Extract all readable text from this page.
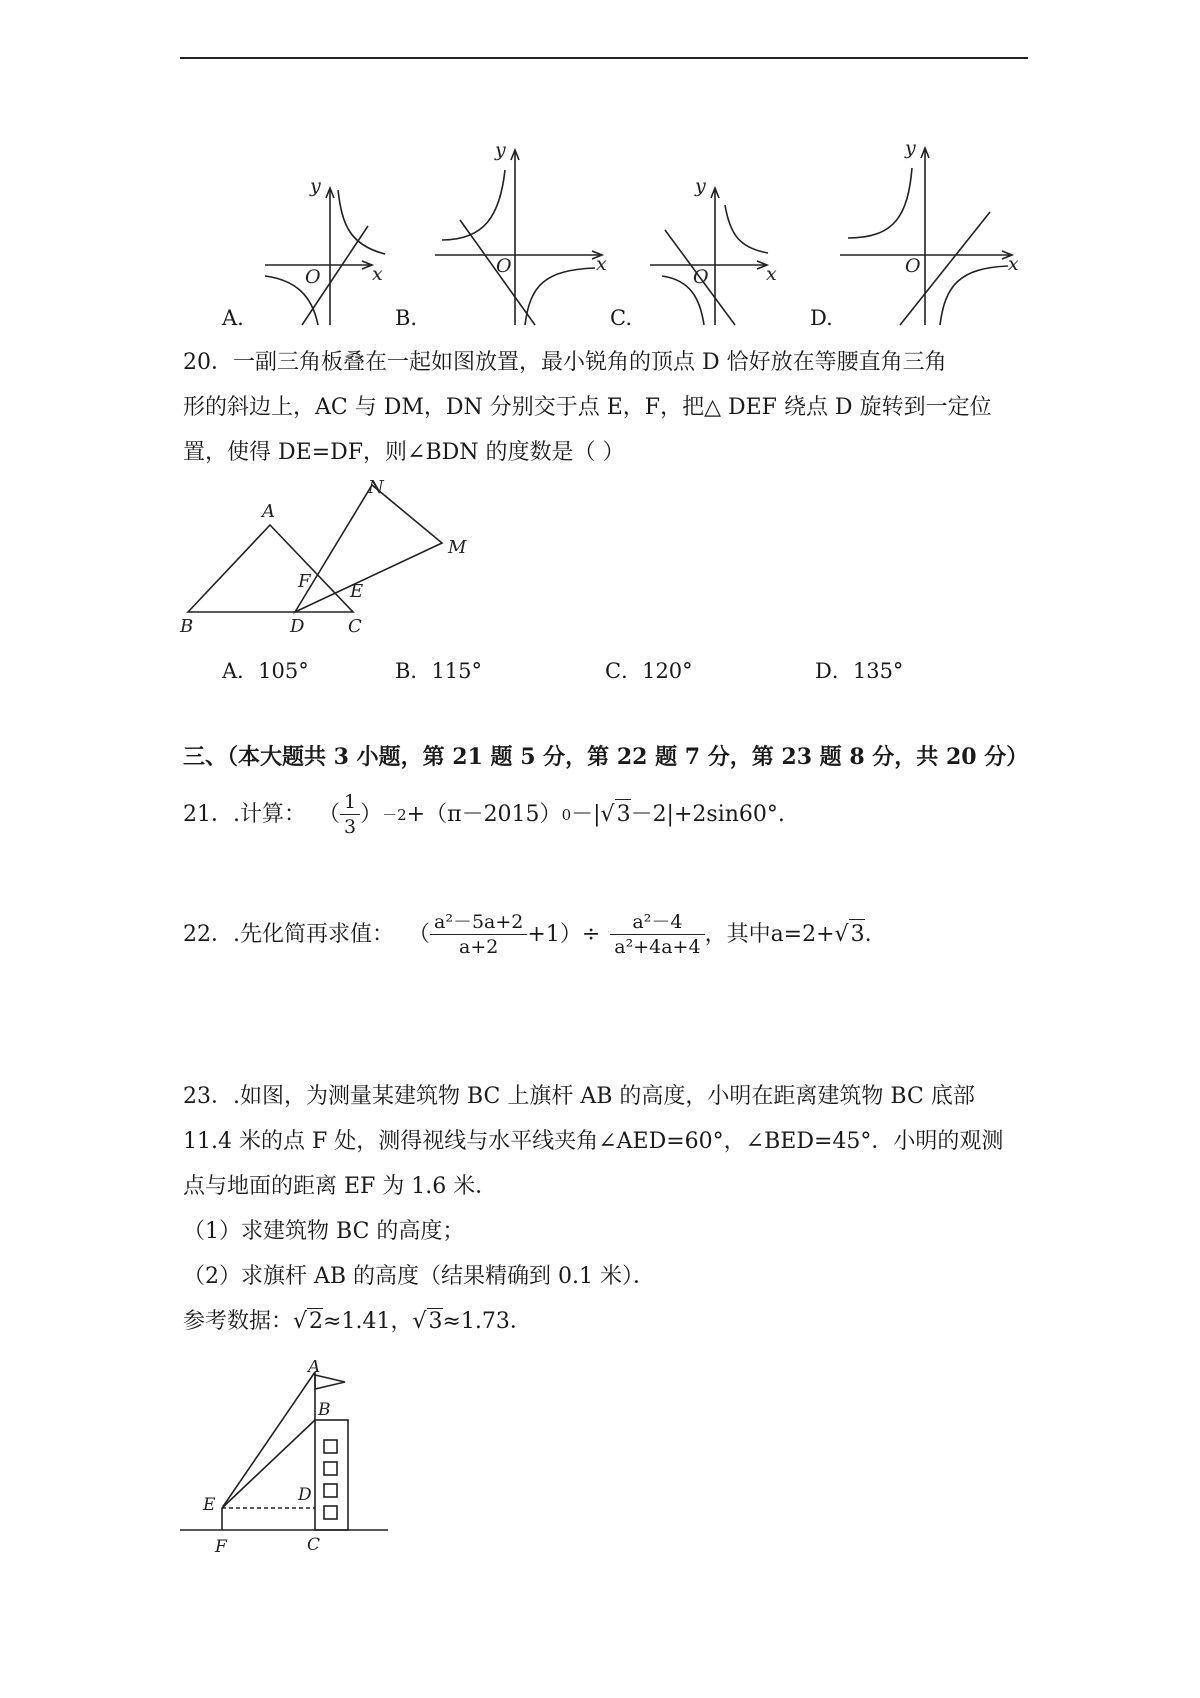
y
x
O
y
x
O
y
x
O
y
x
O
A.	B.	C.	D.
20．一副三角板叠在一起如图放置，最小锐角的顶点 D 恰好放在等腰直角三角
形的斜边上，AC 与 DM，DN 分别交于点 E，F，把△ DEF 绕点 D 旋转到一定位
置，使得 DE=DF，则∠BDN 的度数是（ ）
A
N
M
F E
B	D C
A．105°	B．115°	C．120°	D．135°
三、（本大题共 3 小题，第 21 题 5 分，第 22 题 7 分，第 23 题 8 分，共 20 分）
21．.计算： （ $\frac{1}{3}$ ） －2 +（π－2015） 0 －| √ 3 －2|+2sin60°.
22．.先化简再求值： （ $\frac{\text{a²－5a+2}}{a+2} +1)\div \frac{\text{a²－4}}{\text{a²+4a+4}}$ ，其中a=2+ √ 3 .
23．.如图，为测量某建筑物 BC 上旗杆 AB 的高度，小明在距离建筑物 BC 底部
11.4 米的点 F 处，测得视线与水平线夹角∠AED=60°，∠BED=45°．小明的观测
点与地面的距离 EF 为 1.6 米．
（1）求建筑物 BC 的高度；
（2）求旗杆 AB 的高度（结果精确到 0.1 米）．
参考数据：√2≈1.41，√3≈1.73．
A
B
E	D
F	C
